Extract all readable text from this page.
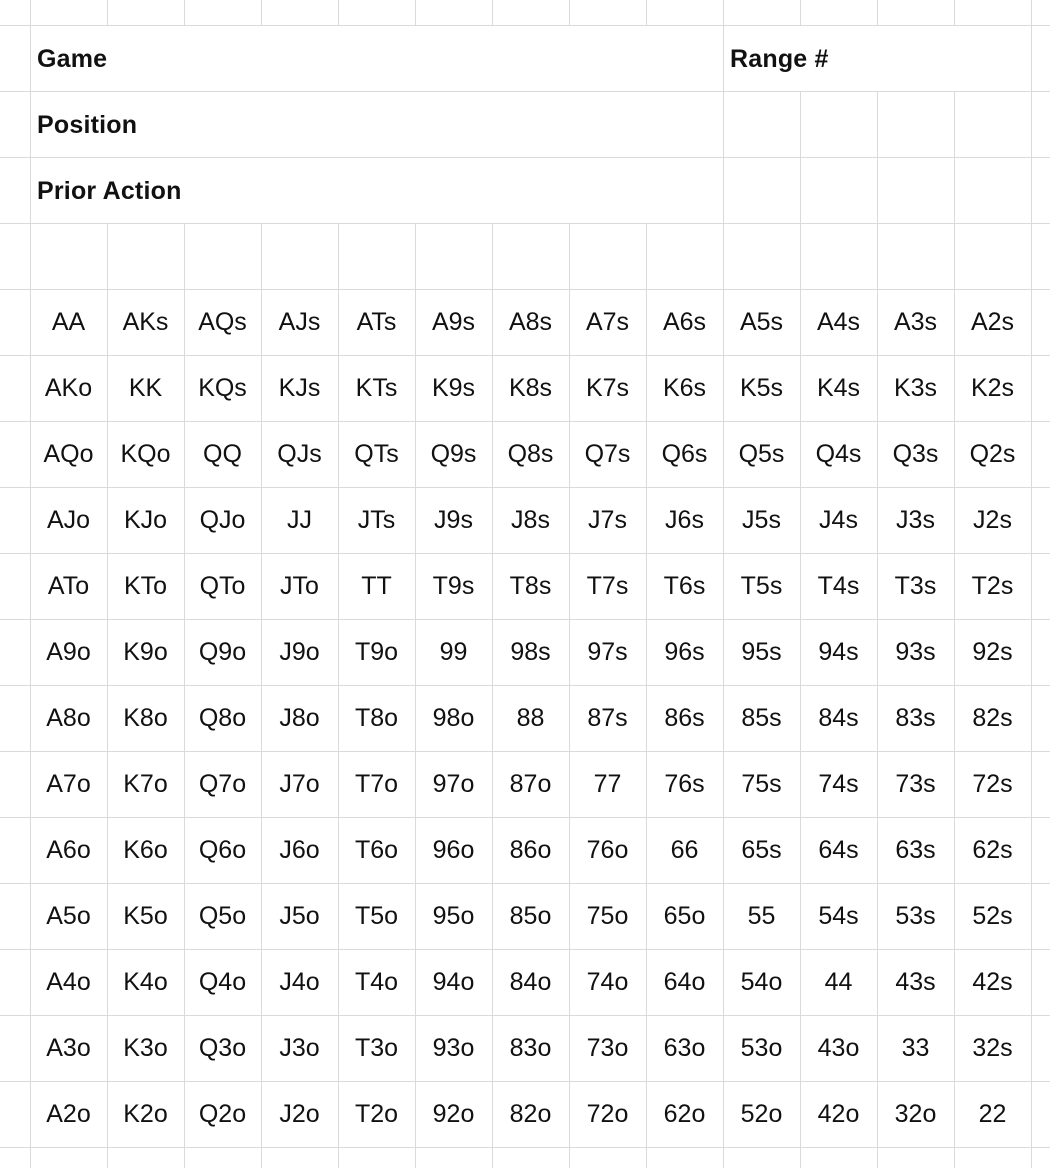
Game	Range #
Position
Prior Action
AA	AKs	AQs	AJs	ATs	A9s	A8s	A7s	A6s	A5s	A4s	A3s	A2s
AKo	KK	KQs	KJs	KTs	K9s	K8s	K7s	K6s	K5s	K4s	K3s	K2s
AQo	KQo	QQ	QJs	QTs	Q9s	Q8s	Q7s	Q6s	Q5s	Q4s	Q3s	Q2s
AJo	KJo	QJo	JJ	JTs	J9s	J8s	J7s	J6s	J5s	J4s	J3s	J2s
ATo	KTo	QTo	JTo	TT	T9s	T8s	T7s	T6s	T5s	T4s	T3s	T2s
A9o	K9o	Q9o	J9o	T9o	99	98s	97s	96s	95s	94s	93s	92s
A8o	K8o	Q8o	J8o	T8o	98o	88	87s	86s	85s	84s	83s	82s
A7o	K7o	Q7o	J7o	T7o	97o	87o	77	76s	75s	74s	73s	72s
A6o	K6o	Q6o	J6o	T6o	96o	86o	76o	66	65s	64s	63s	62s
A5o	K5o	Q5o	J5o	T5o	95o	85o	75o	65o	55	54s	53s	52s
A4o	K4o	Q4o	J4o	T4o	94o	84o	74o	64o	54o	44	43s	42s
A3o	K3o	Q3o	J3o	T3o	93o	83o	73o	63o	53o	43o	33	32s
A2o	K2o	Q2o	J2o	T2o	92o	82o	72o	62o	52o	42o	32o	22
